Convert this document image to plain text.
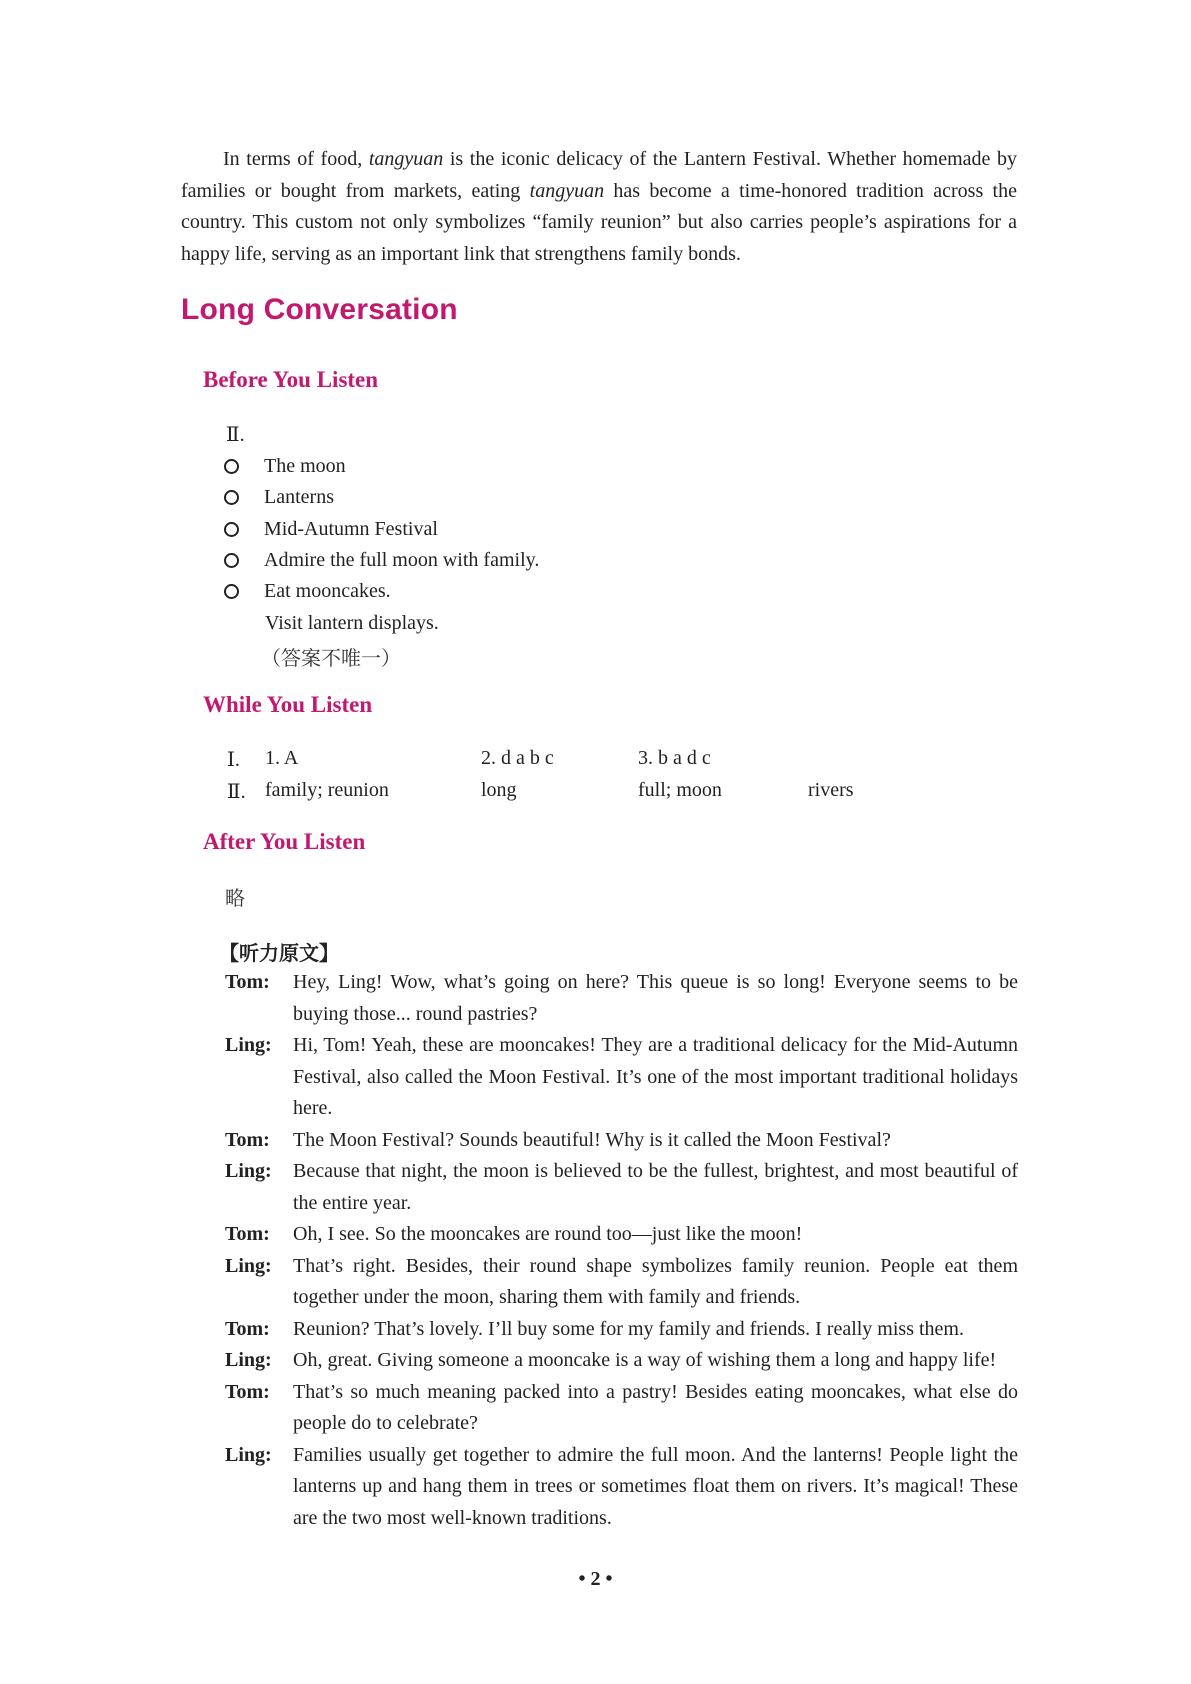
In terms of food, tangyuan is the iconic delicacy of the Lantern Festival. Whether homemade by families or bought from markets, eating tangyuan has become a time-honored tradition across the country. This custom not only symbolizes “family reunion” but also carries people’s aspirations for a happy life, serving as an important link that strengthens family bonds.

Long Conversation
Before You Listen
Ⅱ.
The moon
Lanterns
Mid-Autumn Festival
Admire the full moon with family.
Eat mooncakes.
Visit lantern displays.
（答案不唯一）
While You Listen
Ⅰ. 1. A	2. d a b c	3. b a d c
Ⅱ. family; reunion	long	full; moon	rivers
After You Listen
略
【听力原文】
Tom:	Hey, Ling! Wow, what’s going on here? This queue is so long! Everyone seems to be buying those... round pastries?
Ling:	Hi, Tom! Yeah, these are mooncakes! They are a traditional delicacy for the Mid-Autumn Festival, also called the Moon Festival. It’s one of the most important traditional holidays here.
Tom:	The Moon Festival? Sounds beautiful! Why is it called the Moon Festival?
Ling:	Because that night, the moon is believed to be the fullest, brightest, and most beautiful of the entire year.
Tom:	Oh, I see. So the mooncakes are round too—just like the moon!
Ling:	That’s right. Besides, their round shape symbolizes family reunion. People eat them together under the moon, sharing them with family and friends.
Tom:	Reunion? That’s lovely. I’ll buy some for my family and friends. I really miss them.
Ling:	Oh, great. Giving someone a mooncake is a way of wishing them a long and happy life!
Tom:	That’s so much meaning packed into a pastry! Besides eating mooncakes, what else do people do to celebrate?
Ling:	Families usually get together to admire the full moon. And the lanterns! People light the lanterns up and hang them in trees or sometimes float them on rivers. It’s magical! These are the two most well-known traditions.
• 2 •
